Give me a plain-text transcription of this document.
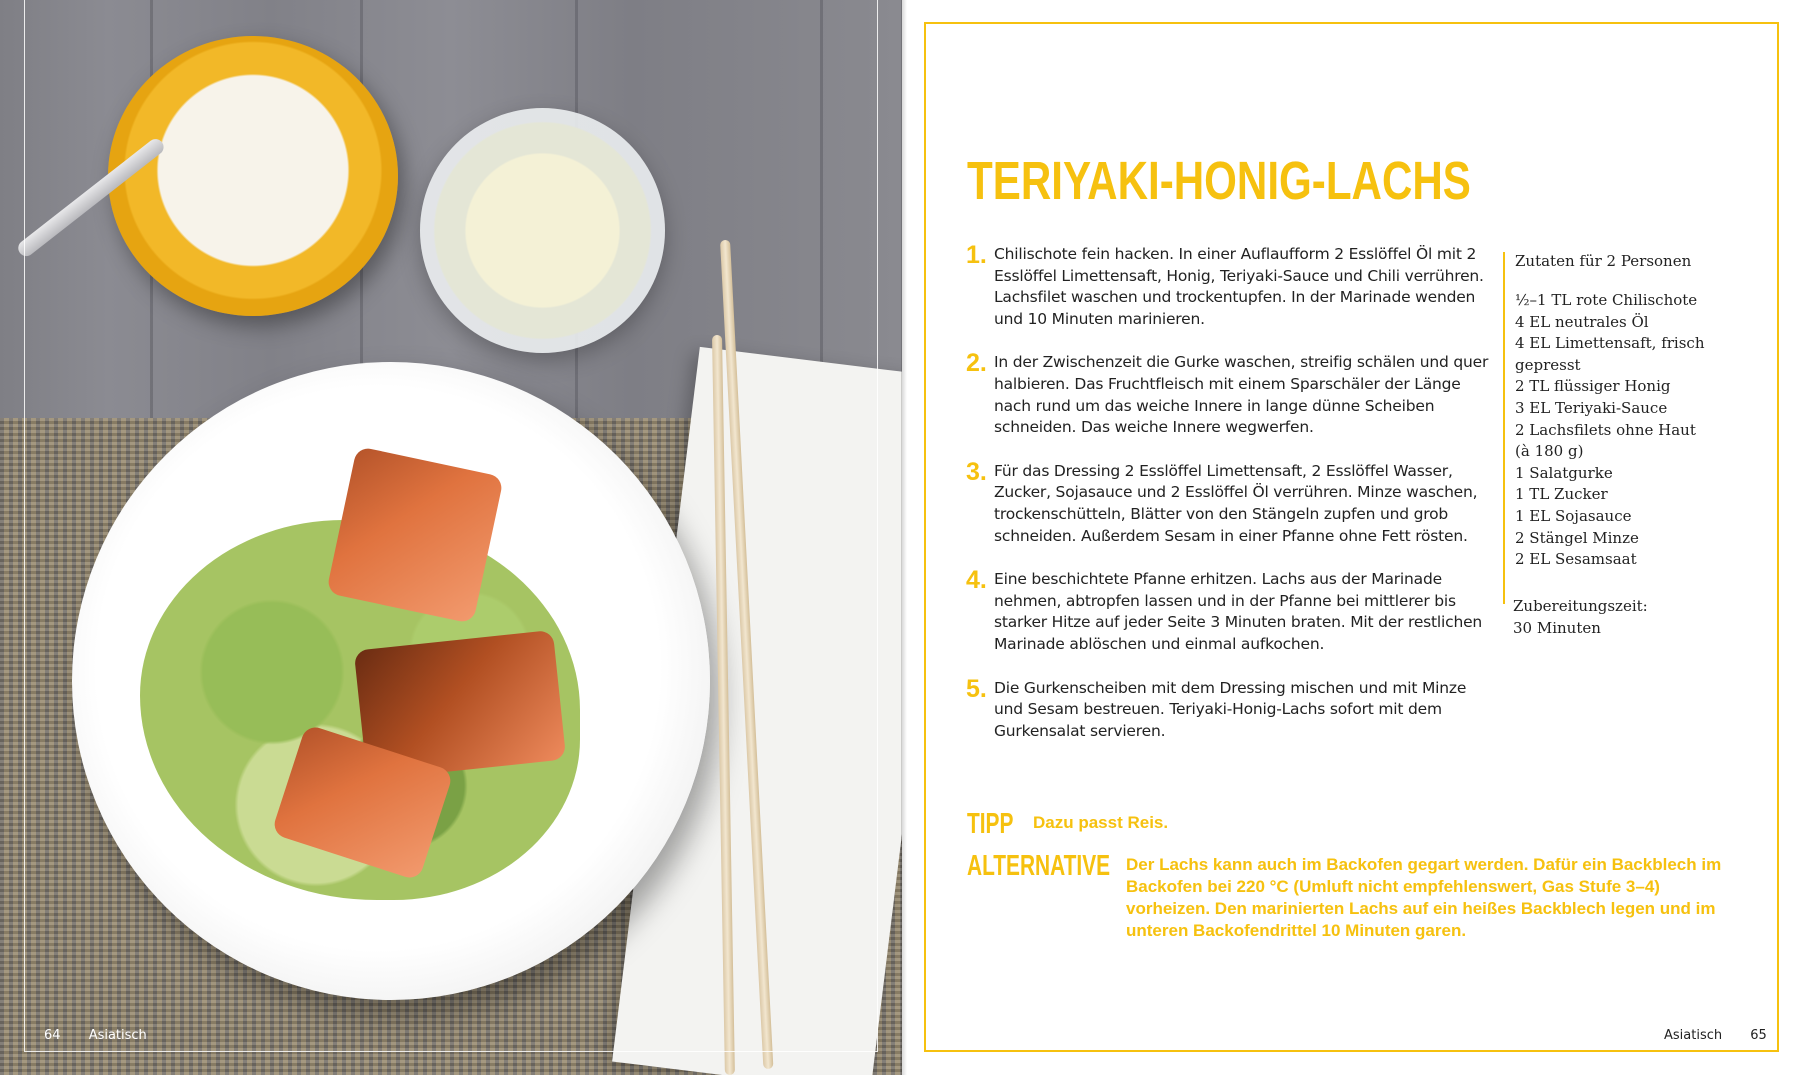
64 Asiatisch
TERIYAKI-HONIG-LACHS
1. Chilischote fein hacken. In einer Auflaufform 2 Esslöffel Öl mit 2 Esslöffel Limettensaft, Honig, Teriyaki-Sauce und Chili verrühren. Lachsfilet waschen und trockentupfen. In der Marinade wenden und 10 Minuten marinieren.
2. In der Zwischenzeit die Gurke waschen, streifig schälen und quer halbieren. Das Fruchtfleisch mit einem Sparschäler der Länge nach rund um das weiche Innere in lange dünne Scheiben schneiden. Das weiche Innere wegwerfen.
3. Für das Dressing 2 Esslöffel Limettensaft, 2 Esslöffel Wasser, Zucker, Sojasauce und 2 Esslöffel Öl verrühren. Minze waschen, trockenschütteln, Blätter von den Stängeln zupfen und grob schneiden. Außerdem Sesam in einer Pfanne ohne Fett rösten.
4. Eine beschichtete Pfanne erhitzen. Lachs aus der Marinade nehmen, abtropfen lassen und in der Pfanne bei mittlerer bis starker Hitze auf jeder Seite 3 Minuten braten. Mit der restlichen Marinade ablöschen und einmal aufkochen.
5. Die Gurkenscheiben mit dem Dressing mischen und mit Minze und Sesam bestreuen. Teriyaki-Honig-Lachs sofort mit dem Gurkensalat servieren.
Zutaten für 2 Personen
½–1 TL rote Chilischote
4 EL neutrales Öl
4 EL Limettensaft, frisch gepresst
2 TL flüssiger Honig
3 EL Teriyaki-Sauce
2 Lachsfilets ohne Haut (à 180 g)
1 Salatgurke
1 TL Zucker
1 EL Sojasauce
2 Stängel Minze
2 EL Sesamsaat
Zubereitungszeit:
30 Minuten
TIPP Dazu passt Reis.
ALTERNATIVE Der Lachs kann auch im Backofen gegart werden. Dafür ein Backblech im Backofen bei 220 °C (Umluft nicht empfehlenswert, Gas Stufe 3–4) vorheizen. Den marinierten Lachs auf ein heißes Backblech legen und im unteren Backofendrittel 10 Minuten garen.
Asiatisch 65
